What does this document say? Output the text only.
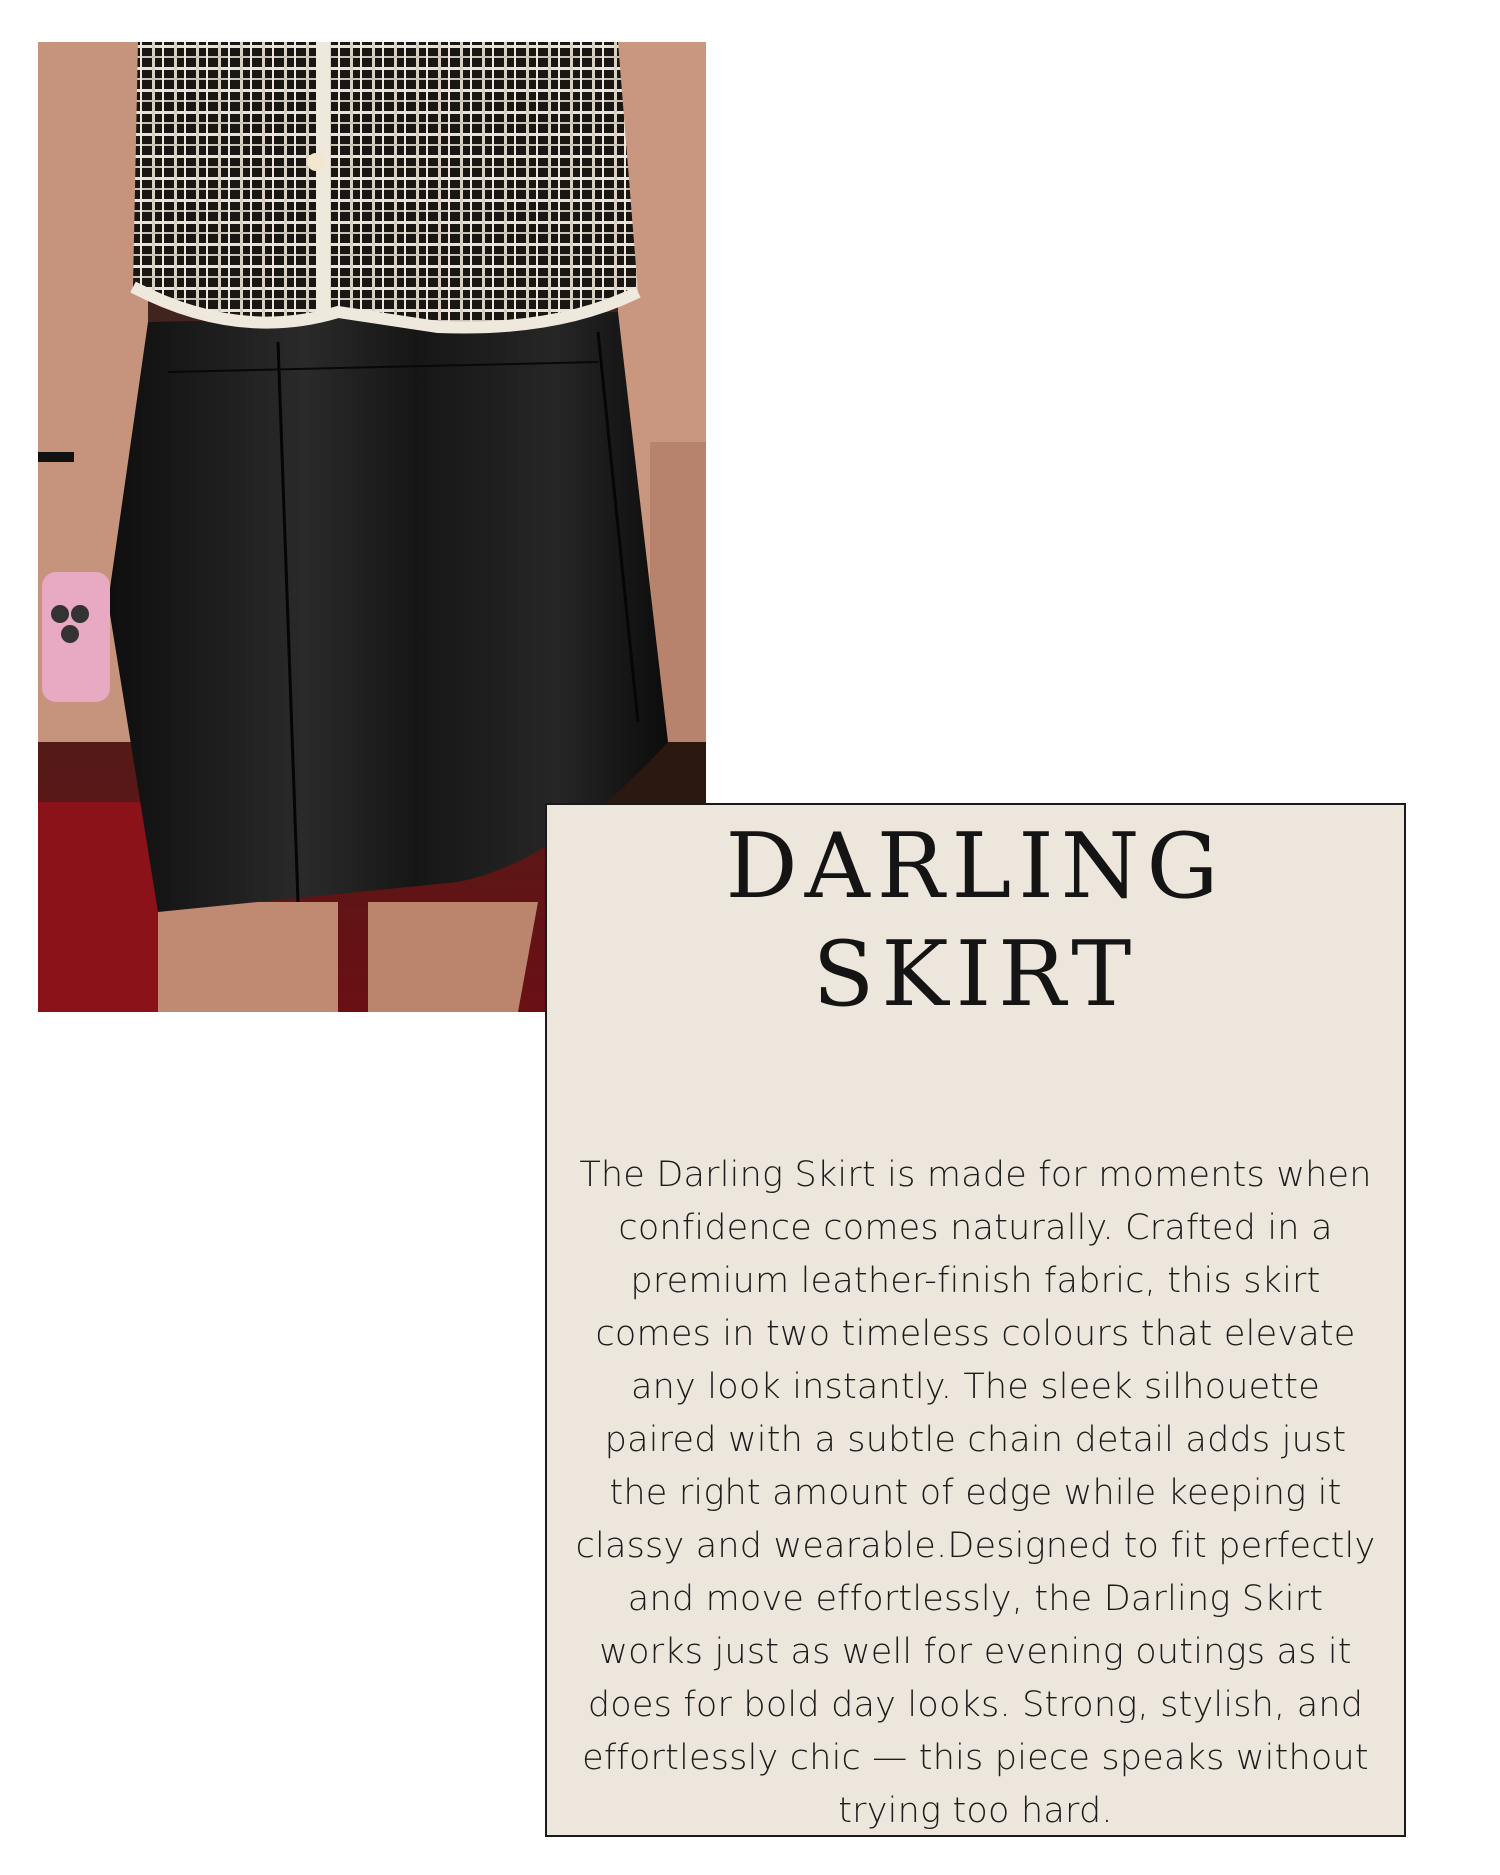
DARLING SKIRT

The Darling Skirt is made for moments when confidence comes naturally. Crafted in a premium leather-finish fabric, this skirt comes in two timeless colours that elevate any look instantly. The sleek silhouette paired with a subtle chain detail adds just the right amount of edge while keeping it classy and wearable.Designed to fit perfectly and move effortlessly, the Darling Skirt works just as well for evening outings as it does for bold day looks. Strong, stylish, and effortlessly chic — this piece speaks without trying too hard.
